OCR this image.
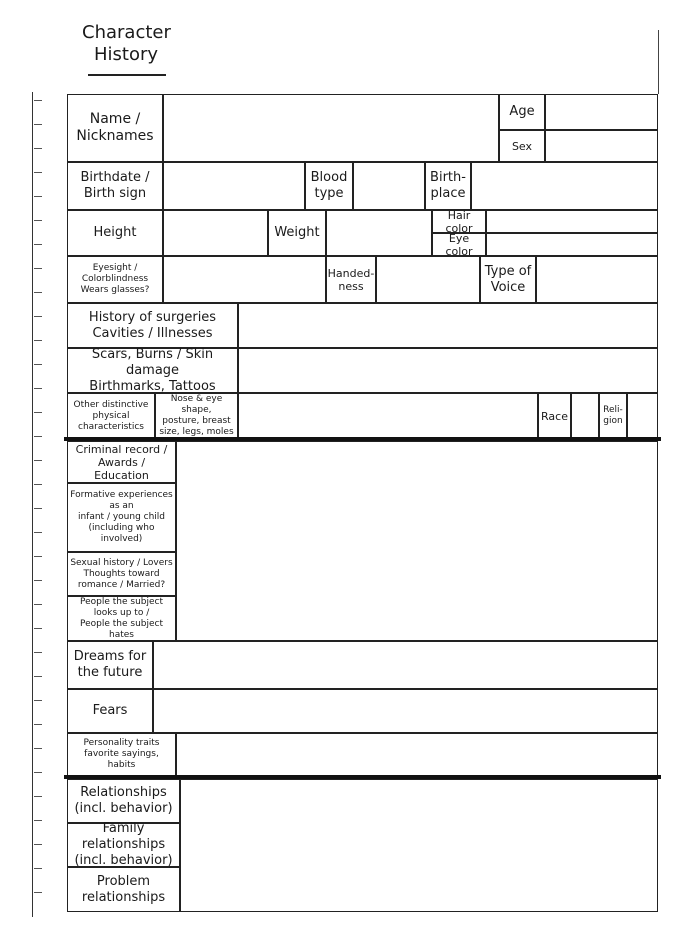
Character
History
Name /
Nicknames
Age
Sex
Birthdate /
Birth sign
Blood
type
Birth-
place
Height	Weight
Hair color
Eye color
Eyesight /
Colorblindness
Wears glasses?
Handed-
ness
Type of
Voice
History of surgeries
Cavities / Illnesses
Scars, Burns / Skin damage
Birthmarks, Tattoos
Other distinctive
physical
characteristics
Nose & eye shape,
posture, breast
size, legs, moles
Race	Reli-
gion
Criminal record /
Awards / Education
Formative experiences
as an
infant / young child
(including who involved)
Sexual history / Lovers
Thoughts toward
romance / Married?
People the subject
looks up to /
People the subject hates
Dreams for
the future
Fears
Personality traits
favorite sayings, habits
Relationships
(incl. behavior)
Family relationships
(incl. behavior)
Problem
relationships
